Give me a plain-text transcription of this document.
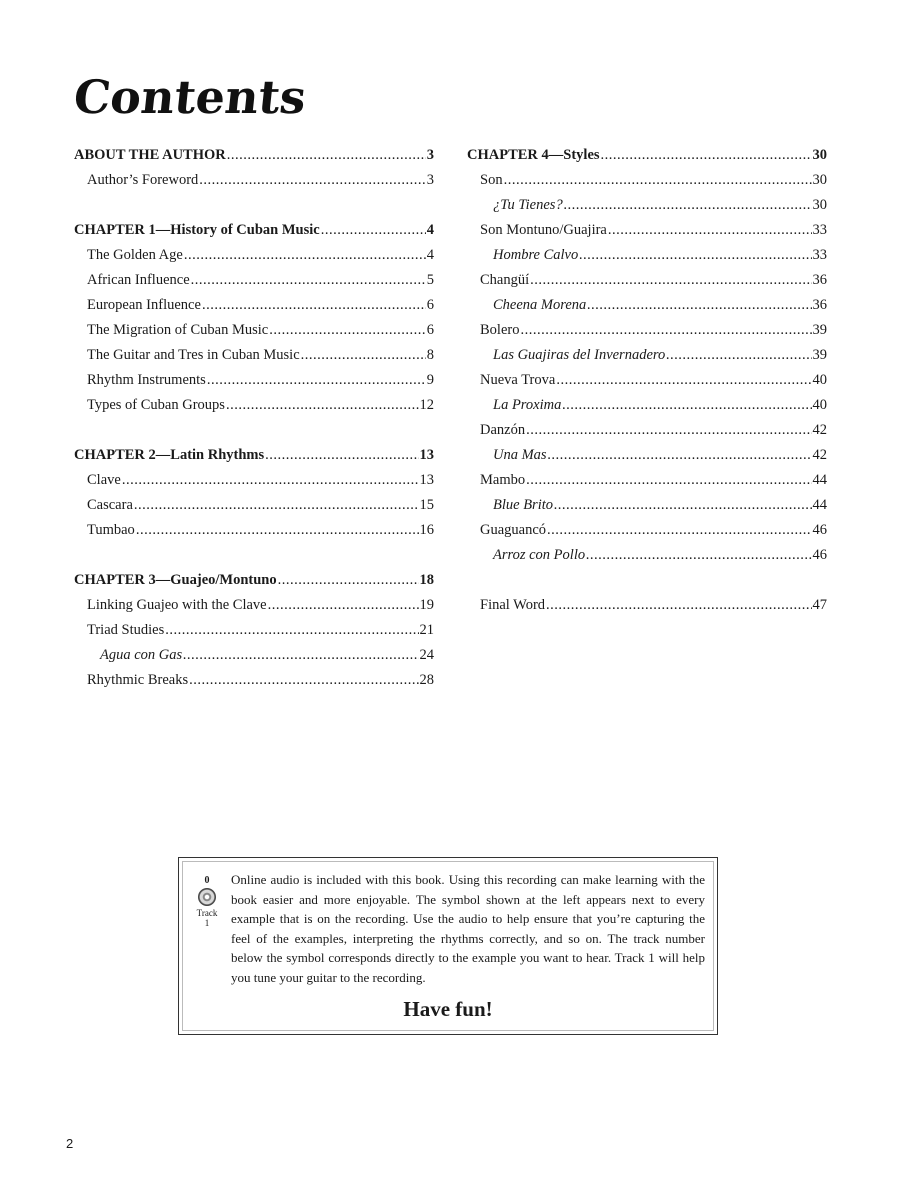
Contents
ABOUT THE AUTHOR .....	3
Author’s Foreword .....	3
CHAPTER 1—History of Cuban Music .....	4
The Golden Age .....	4
African Influence .....	5
European Influence .....	6
The Migration of Cuban Music .....	6
The Guitar and Tres in Cuban Music .....	8
Rhythm Instruments .....	9
Types of Cuban Groups .....	12
CHAPTER 2—Latin Rhythms .....	13
Clave .....	13
Cascara .....	15
Tumbao .....	16
CHAPTER 3—Guajeo/Montuno .....	18
Linking Guajeo with the Clave .....	19
Triad Studies .....	21
Agua con Gas .....	24
Rhythmic Breaks .....	28
CHAPTER 4—Styles .....	30
Son .....	30
¿Tu Tienes? .....	30
Son Montuno/Guajira .....	33
Hombre Calvo .....	33
Changüí .....	36
Cheena Morena .....	36
Bolero .....	39
Las Guajiras del Invernadero .....	39
Nueva Trova .....	40
La Proxima .....	40
Danzón .....	42
Una Mas .....	42
Mambo .....	44
Blue Brito .....	44
Guaguancó .....	46
Arroz con Pollo .....	46
Final Word .....	47
0
Track
1
Online audio is included with this book. Using this recording can make learning with the book easier and more enjoyable. The symbol shown at the left appears next to every example that is on the recording. Use the audio to help ensure that you’re capturing the feel of the examples, interpreting the rhythms correctly, and so on. The track number below the symbol corresponds directly to the example you want to hear. Track 1 will help you tune your guitar to the recording.
Have fun!
2
